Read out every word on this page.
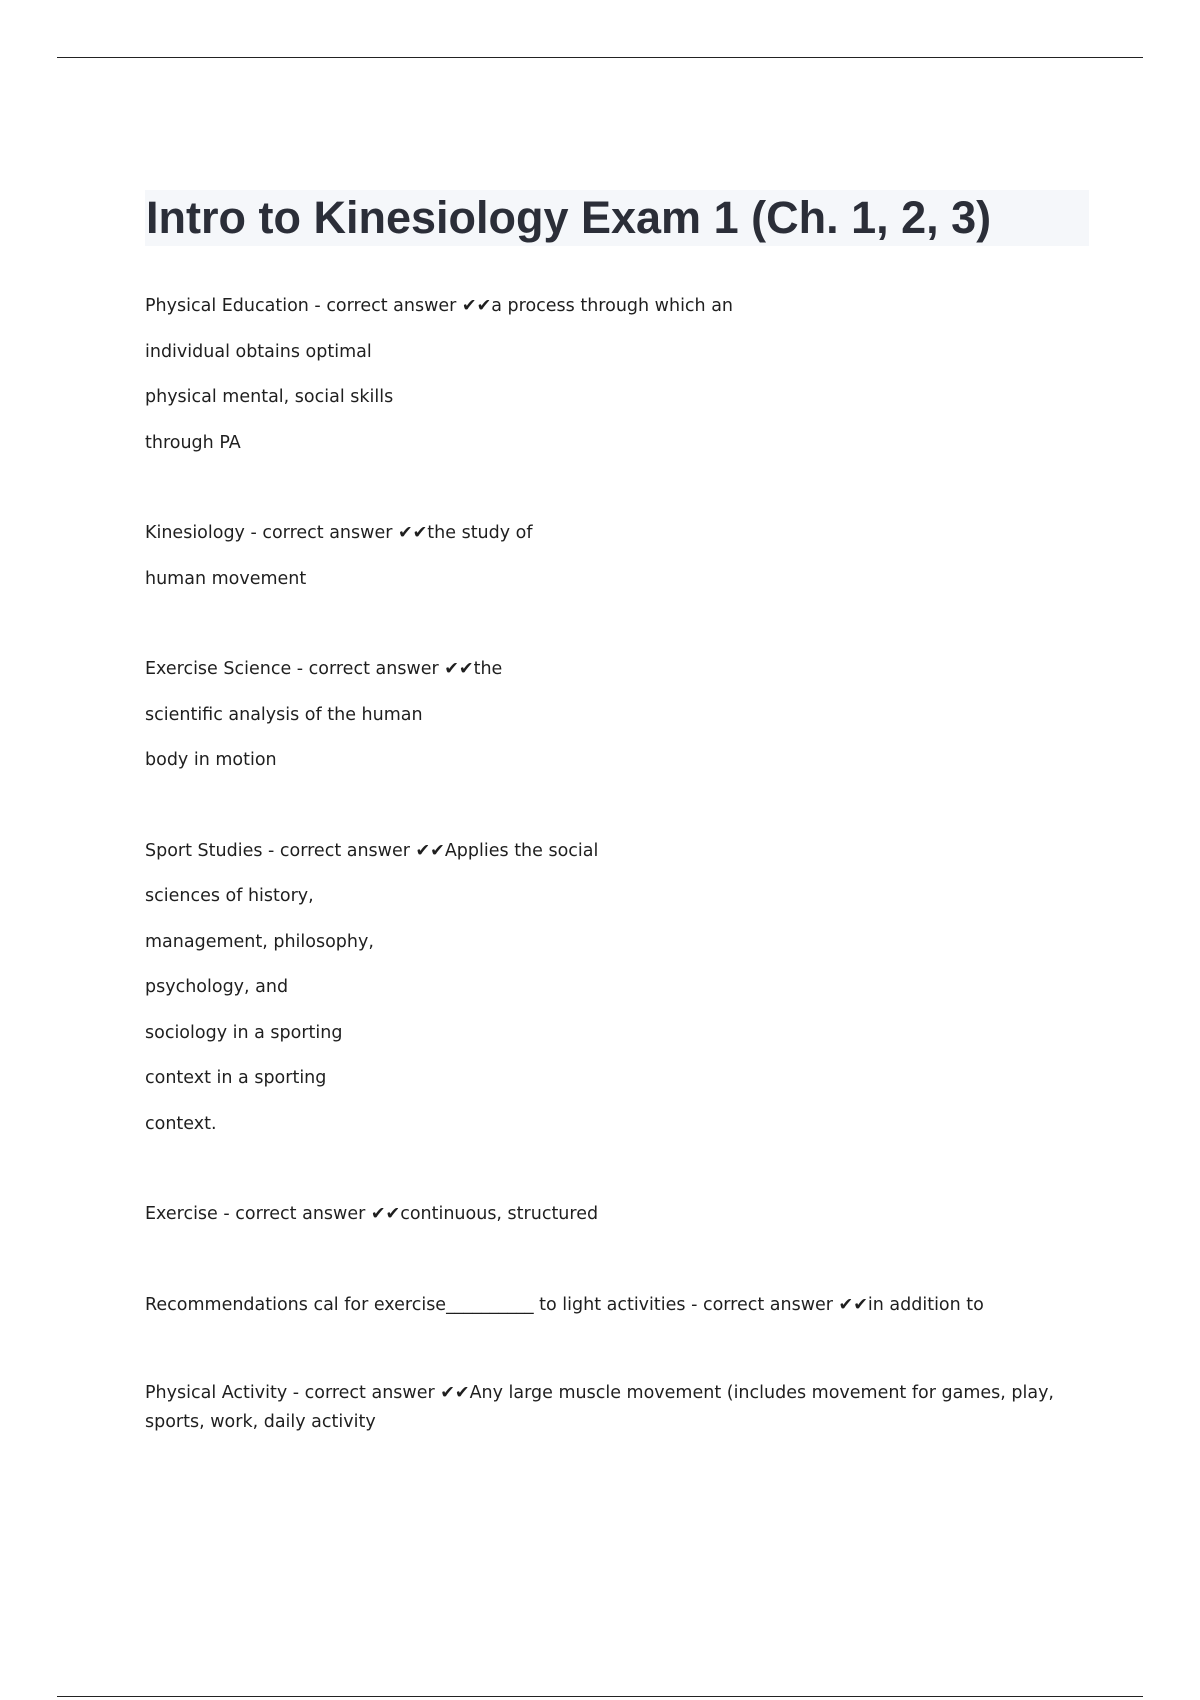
Intro to Kinesiology Exam 1 (Ch. 1, 2, 3)
Physical Education - correct answer ✔✔a process through which an
individual obtains optimal
physical mental, social skills
through PA
Kinesiology - correct answer ✔✔the study of
human movement
Exercise Science - correct answer ✔✔the
scientific analysis of the human
body in motion
Sport Studies - correct answer ✔✔Applies the social
sciences of history,
management, philosophy,
psychology, and
sociology in a sporting
context in a sporting
context.
Exercise - correct answer ✔✔continuous, structured
Recommendations cal for exercise__________ to light activities - correct answer ✔✔in addition to
Physical Activity - correct answer ✔✔Any large muscle movement (includes movement for games, play, sports, work, daily activity
